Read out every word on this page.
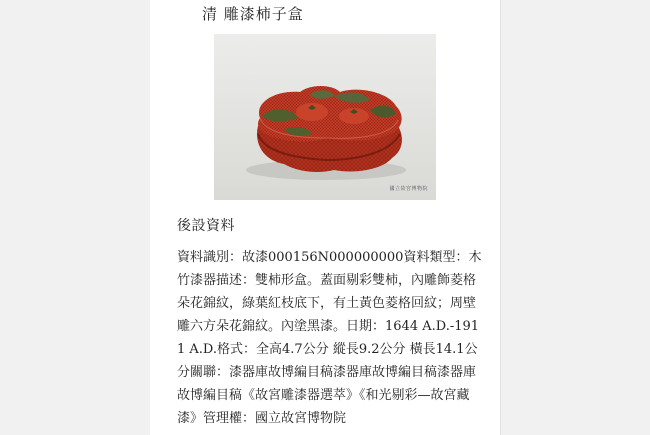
清 雕漆柿子盒
國立故宮博物院
後設資料
資料識別：故漆000156N000000000資料類型：木竹漆器描述：雙柿形盒。蓋面剔彩雙柿，內雕飾菱格朵花錦紋，綠葉紅枝底下，有土黃色菱格回紋；周壁雕六方朵花錦紋。內塗黑漆。日期：1644 A.D.-1911 A.D.格式：全高4.7公分 縱長9.2公分 橫長14.1公分關聯：漆器庫故博編目稿漆器庫故博編目稿漆器庫故博編目稿《故宮雕漆器選萃》《和光剔彩—故宮藏漆》管理權：國立故宮博物院
